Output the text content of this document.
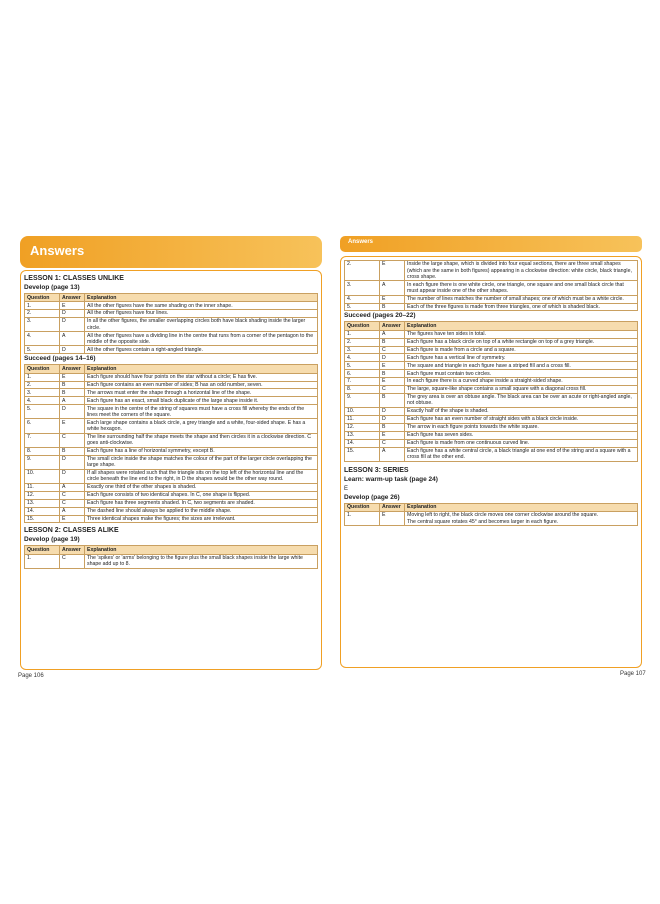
Answers
LESSON 1: CLASSES UNLIKE
Develop (page 13)
Question	Answer	Explanation
1.	E	All the other figures have the same shading on the inner shape.
2.	D	All the other figures have four lines.
3.	D	In all the other figures, the smaller overlapping circles both have black shading inside the larger circle.
4.	A	All the other figures have a dividing line in the centre that runs from a corner of the pentagon to the middle of the opposite side.
5.	D	All the other figures contain a right-angled triangle.
Succeed (pages 14–16)
Question	Answer	Explanation
1.	E	Each figure should have four points on the star without a circle; E has five.
2.	B	Each figure contains an even number of sides; B has an odd number, seven.
3.	B	The arrows must enter the shape through a horizontal line of the shape.
4.	A	Each figure has an exact, small black duplicate of the large shape inside it.
5.	D	The square in the centre of the string of squares must have a cross fill whereby the ends of the lines meet the corners of the square.
6.	E	Each large shape contains a black circle, a grey triangle and a white, four-sided shape. E has a white hexagon.
7.	C	The line surrounding half the shape meets the shape and then circles it in a clockwise direction. C goes anti-clockwise.
8.	B	Each figure has a line of horizontal symmetry, except B.
9.	D	The small circle inside the shape matches the colour of the part of the larger circle overlapping the large shape.
10.	D	If all shapes were rotated such that the triangle sits on the top left of the horizontal line and the circle beneath the line end to the right, in D the shapes would be the other way round.
11.	A	Exactly one third of the other shapes is shaded.
12.	C	Each figure consists of two identical shapes. In C, one shape is flipped.
13.	C	Each figure has three segments shaded. In C, two segments are shaded.
14.	A	The dashed line should always be applied to the middle shape.
15.	E	Three identical shapes make the figures; the sizes are irrelevant.
LESSON 2: CLASSES ALIKE
Develop (page 19)
Question	Answer	Explanation
1.	C	The 'spikes' or 'arms' belonging to the figure plus the small black shapes inside the large white shape add up to 8.
Page 106
Answers
2.	E	Inside the large shape, which is divided into four equal sections, there are three small shapes (which are the same in both figures) appearing in a clockwise direction: white circle, black triangle, cross shape.
3.	A	In each figure there is one white circle, one triangle, one square and one small black circle that must appear inside one of the other shapes.
4.	E	The number of lines matches the number of small shapes; one of which must be a white circle.
5.	B	Each of the three figures is made from three triangles, one of which is shaded black.
Succeed (pages 20–22)
Question	Answer	Explanation
1.	A	The figures have ten sides in total.
2.	B	Each figure has a black circle on top of a white rectangle on top of a grey triangle.
3.	C	Each figure is made from a circle and a square.
4.	D	Each figure has a vertical line of symmetry.
5.	E	The square and triangle in each figure have a striped fill and a cross fill.
6.	B	Each figure must contain two circles.
7.	E	In each figure there is a curved shape inside a straight-sided shape.
8.	C	The large, square-like shape contains a small square with a diagonal cross fill.
9.	B	The grey area is over an obtuse angle. The black area can be over an acute or right-angled angle, not obtuse.
10.	D	Exactly half of the shape is shaded.
11.	D	Each figure has an even number of straight sides with a black circle inside.
12.	B	The arrow in each figure points towards the white square.
13.	E	Each figure has seven sides.
14.	C	Each figure is made from one continuous curved line.
15.	A	Each figure has a white central circle, a black triangle at one end of the string and a square with a cross fill at the other end.
LESSON 3: SERIES
Learn: warm-up task (page 24)
E
Develop (page 26)
Question	Answer	Explanation
1.	E	Moving left to right, the black circle moves one corner clockwise around the square.
The central square rotates 45° and becomes larger in each figure.
Page 107
